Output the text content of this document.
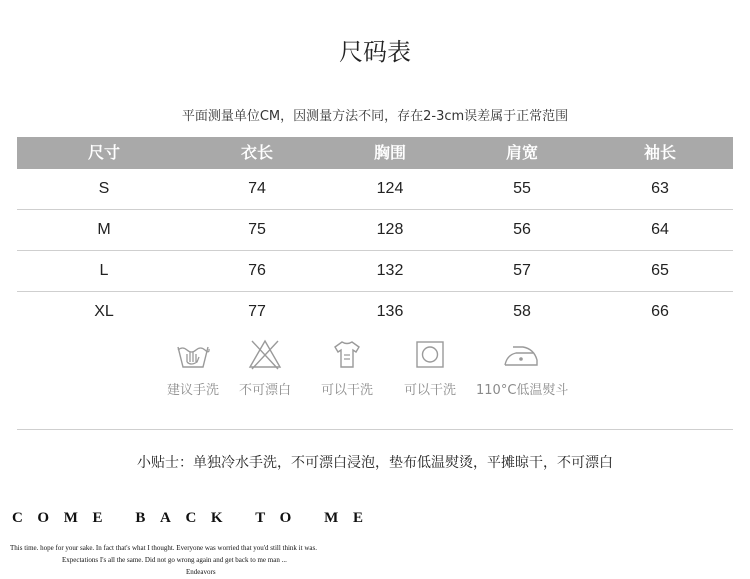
尺码表
平面测量单位CM，因测量方法不同，存在2-3cm误差属于正常范围
尺寸	衣长	胸围	肩宽	袖长
S	74	124	55	63
M	75	128	56	64
L	76	132	57	65
XL	77	136	58	66
建议手洗	不可漂白	可以干洗	可以干洗	110°C低温熨斗
小贴士：单独冷水手洗，不可漂白浸泡，垫布低温熨烫，平摊晾干，不可漂白
COME BACK TO ME
This time. hope for your sake. In fact that's what I thought. Everyone was worried that you'd still think it was.
Expectations I's all the same. Did not go wrong again and get back to me man ...
Endeavors
